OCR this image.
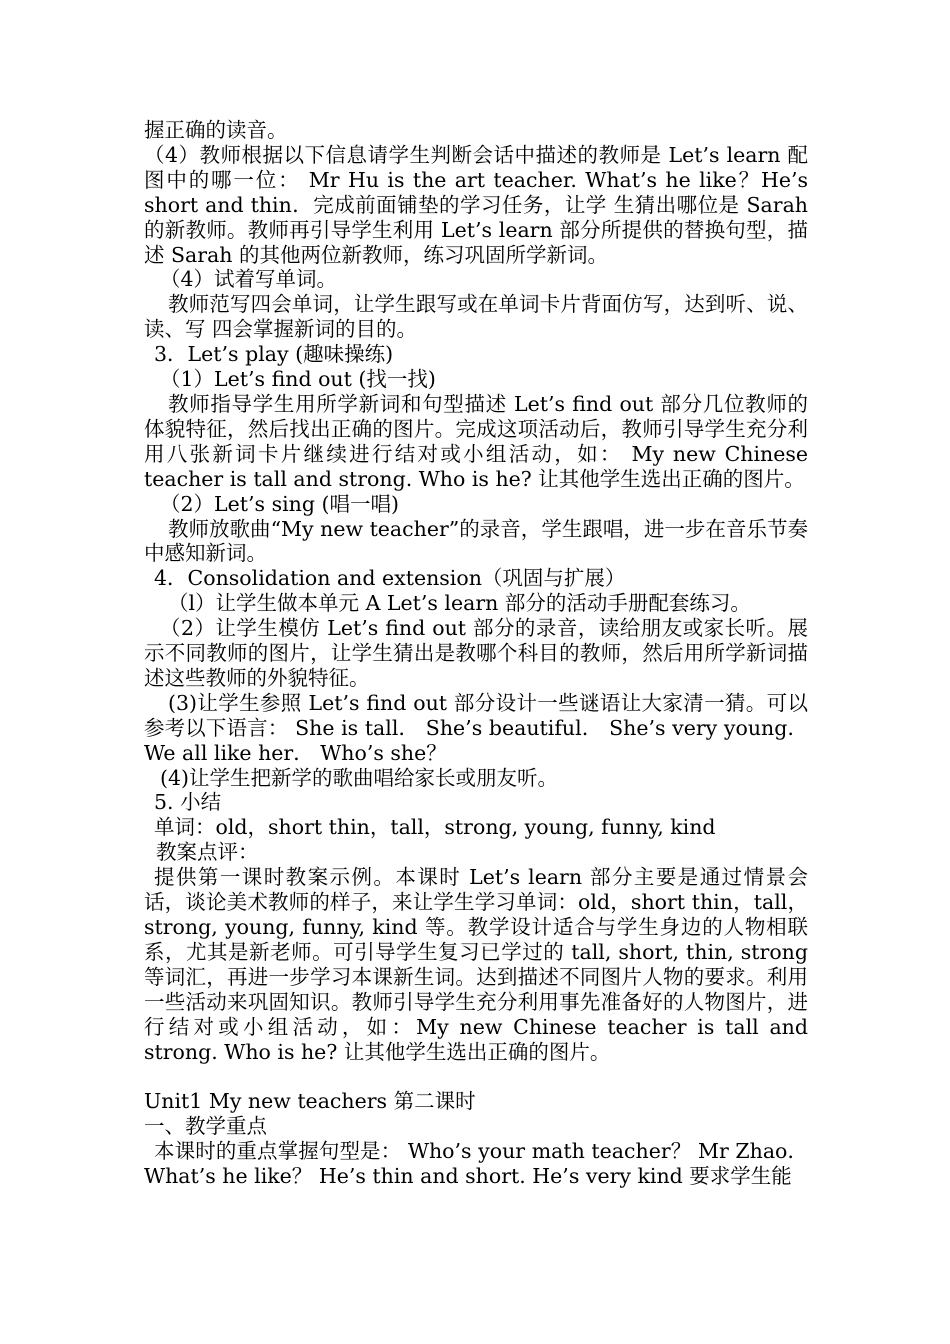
握正确的读音。

（4）教师根据以下信息请学生判断会话中描述的教师是 Let’s learn 配图中的哪一位： Mr Hu is the art teacher. What’s he like？He’s short and thin．完成前面铺垫的学习任务，让学 生猜出哪位是 Sarah 的新教师。教师再引导学生利用 Let’s learn 部分所提供的替换句型，描述 Sarah 的其他两位新教师，练习巩固所学新词。

（4）试着写单词。

教师范写四会单词，让学生跟写或在单词卡片背面仿写，达到听、说、读、写 四会掌握新词的目的。

3．Let’s play (趣味操练)

（1）Let’s find out (找一找)

教师指导学生用所学新词和句型描述 Let’s find out 部分几位教师的体貌特征，然后找出正确的图片。完成这项活动后，教师引导学生充分利用八张新词卡片继续进行结对或小组活动，如： My new Chinese teacher is tall and strong. Who is he? 让其他学生选出正确的图片。

（2）Let’s sing (唱一唱)

教师放歌曲“My new teacher”的录音，学生跟唱，进一步在音乐节奏中感知新词。

4．Consolidation and extension（巩固与扩展）

（l）让学生做本单元 A Let’s learn 部分的活动手册配套练习。

（2）让学生模仿 Let’s find out 部分的录音，读给朋友或家长听。展示不同教师的图片，让学生猜出是教哪个科目的教师，然后用所学新词描述这些教师的外貌特征。

(3)让学生参照 Let’s find out 部分设计一些谜语让大家清一猜。可以参考以下语言： She is tall． She’s beautiful． She’s very young．We all like her． Who’s she？

(4)让学生把新学的歌曲唱给家长或朋友听。

5. 小结

单词：old，short thin，tall，strong, young, funny, kind

教案点评：

提供第一课时教案示例。本课时 Let’s learn 部分主要是通过情景会话，谈论美术教师的样子，来让学生学习单词：old，short thin，tall，strong, young, funny, kind 等。教学设计适合与学生身边的人物相联系，尤其是新老师。可引导学生复习已学过的 tall, short, thin, strong 等词汇，再进一步学习本课新生词。达到描述不同图片人物的要求。利用一些活动来巩固知识。教师引导学生充分利用事先准备好的人物图片，进行结对或小组活动，如：My new Chinese teacher is tall and strong. Who is he? 让其他学生选出正确的图片。

Unit1 My new teachers 第二课时

一、教学重点

本课时的重点掌握句型是： Who’s your math teacher？ Mr Zhao．What’s he like？ He’s thin and short. He’s very kind 要求学生能
